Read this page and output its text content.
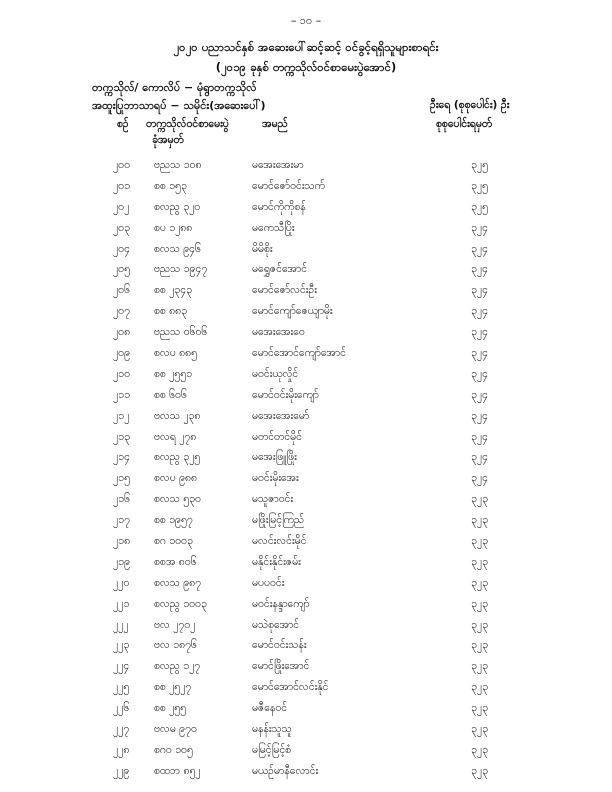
– ၁၀ –
၂၀၂၀ ပညာသင်နှစ် အဆေးပေါ်ဆင့်ဆင့် ဝင်ခွင့်ရရှိသူများစာရင်း
(၂၀၁၉ ခုနှစ် တက္ကသိုလ်ဝင်စာမေးပွဲအောင်)
တက္ကသိုလ်/ ကောလိပ် − မုံရွာတက္ကသိုလ်
အထူးပြုဘာသာရပ် − သမိုင်း(အဆေးပေါ်)	ဦးရေ (စုစုပေါင်း) ဦး
စဉ် တက္ကသိုလ်ဝင်စာမေးပွဲ
ခုံအမှတ်
အမည်	စုစုပေါင်းရမှတ်
၂၀၀ ဗညသ ၁၀၈	မအေးအေးမာ	၃၂၅
၂၀၁ စစ ၁၅၃	မောင်ဇော်ဝင်းသက်	၃၂၅
၂၀၂ စလညွ ၃၂၀	မောင်ကိုကိုစန်	၃၂၅
၂၀၃ စပ ၁၂၈၈	မကေသီပြိုး	၃၂၄
၂၀၄ စလသ ၉၄၆	မိမိစိုး	၃၂၄
၂၀၅ ဗညသ ၁၉၄၇	မရွှေဇင်အောင်	၃၂၄
၂၀၆ စစ ၂၃၄၃	မောင်ဇော်လင်းဦး	၃၂၄
၂၀၇ စစ ၈၈၃	မောင်ကျော်ဇေယျာမိုး	၃၂၄
၂၀၈ ဗညသ ၀၆၀၆	မအေးအေးဝေ	၃၂၄
၂၀၉ စလပ ၈၈၅	မောင်အောင်ကျော်အောင်	၃၂၄
၂၁၀ စစ ၂၅၅၁	မဝင်းယုလှိုင်	၃၂၄
၂၁၁ စစ ၆၀၆	မောင်ဝင်းမိုးကျော်	၃၂၄
၂၁၂ ဗလသ ၂၃၈	မအေးအေးမော်	၃၂၄
၂၁၃ ဗလရ ၂၇၈	မတင်တင်မိုင်	၃၂၄
၂၁၄ စလညွ ၃၂၅	မအေးဖြူဖြိုး	၃၂၄
၂၁၅ စလပ ၉၈၈	မဝင်းမိုးအေး	၃၂၄
၂၁၆ စလသ ၅၃၀	မသူဇာဝင်း	၃၂၃
၂၁၇ စစ ၁၉၅၇	မဖြိုးမြင့်ကြည်	၃၂၃
၂၁၈ စဂ ၁၀၀၃	မလင်းလင်းမိုင်	၃၂၃
၂၁၉ စစအ ၈၀၆	မနိုင်းနိုင်းဇမ်း	၃၂၃
၂၂၀ စလသ ၉၈၇	မပပဝင်း	၃၂၃
၂၂၁ စလညွ ၁၀၀၃	မဝင်းနန္ဒာကျော်	၃၂၃
၂၂၂ ဗလ ၂၇၀၂	မသဲစုအောင်	၃၂၃
၂၂၃ ဗလ ၁၈၇၆	မောင်ဝင်းသန်း	၃၂၃
၂၂၄ စလညွ ၁၂၇	မောင်ဖြိုးအောင်	၃၂၃
၂၂၅ စစ ၂၅၂၇	မောင်အောင်လင်းနိုင်	၃၂၃
၂၂၆ စစ ၂၅၅	မဇီနေဝင်	၃၂၃
၂၂၇ ဗလမ ၉၇၀	မနန်းသူသူ	၃၂၃
၂၂၈ စဂ၀ ၁၀၅	မမြင့်မြင့်စံ	၃၂၃
၂၂၉ စထဘ ၈၅၂	မယဉ်မာနီလောင်း	၃၂၃
